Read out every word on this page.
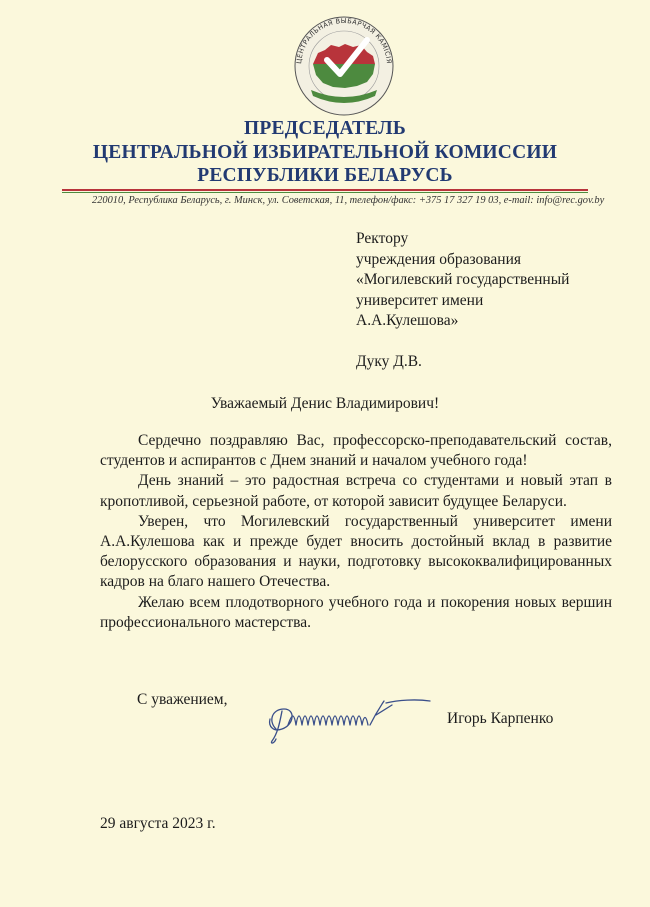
ЦЕНТРАЛЬНАЯ ВЫБАРЧАЯ КАМІСІЯ
ПРЕДСЕДАТЕЛЬ
ЦЕНТРАЛЬНОЙ ИЗБИРАТЕЛЬНОЙ КОМИССИИ
РЕСПУБЛИКИ БЕЛАРУСЬ
220010, Республика Беларусь, г. Минск, ул. Советская, 11, телефон/факс: +375 17 327 19 03, e-mail: info@rec.gov.by
Ректору
учреждения образования
«Могилевский государственный
университет имени
А.А.Кулешова»
Дуку Д.В.
Уважаемый Денис Владимирович!

Сердечно поздравляю Вас, профессорско-преподавательский состав, студентов и аспирантов с Днем знаний и началом учебного года!

День знаний – это радостная встреча со студентами и новый этап в кропотливой, серьезной работе, от которой зависит будущее Беларуси.

Уверен, что Могилевский государственный университет имени А.А.Кулешова как и прежде будет вносить достойный вклад в развитие белорусского образования и науки, подготовку высококвалифицированных кадров на благо нашего Отечества.

Желаю всем плодотворного учебного года и покорения новых вершин профессионального мастерства.

С уважением,
Игорь Карпенко
29 августа 2023 г.
